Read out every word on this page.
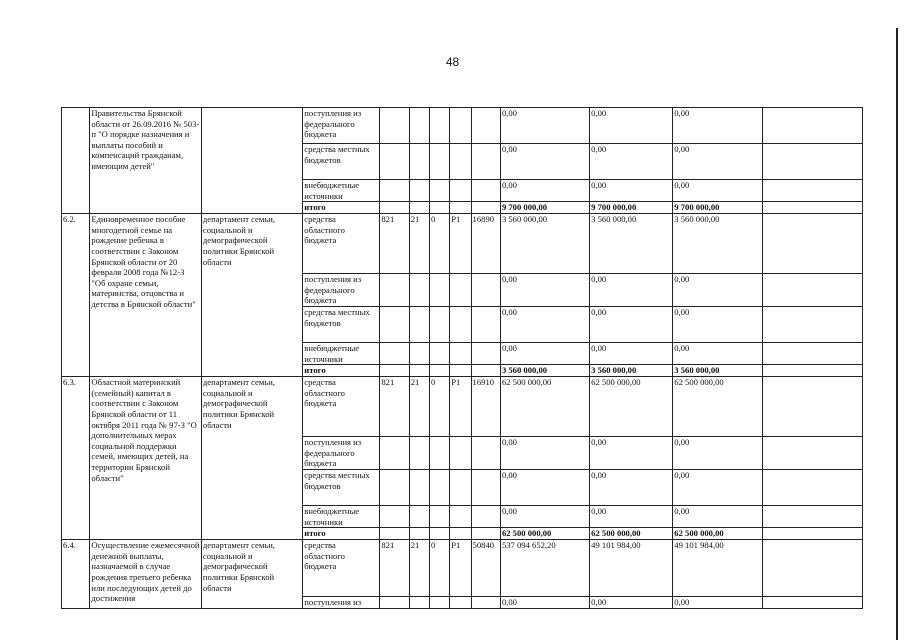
48
	Правительства Брянской области от 26.09.2016 № 503-п "О порядке назначения и выплаты пособий и компенсаций гражданам, имеющим детей"		поступления из федерального бюджета						0,00	0,00	0,00	
			средства местных бюджетов						0,00	0,00	0,00	
			внебюджетные источники						0,00	0,00	0,00	
			итого						9 700 000,00	9 700 000,00	9 700 000,00	
6.2.	Единовременное пособие многодетной семье на рождение ребенка в соответствии с Законом Брянской области от 20 февраля 2008 года №12-З "Об охране семьи, материнства, отцовства и детства в Брянской области"	департамент семьи, социальной и демографической политики Брянской области	средства областного бюджета	821	21	0	P1	16890	3 560 000,00	3 560 000,00	3 560 000,00	
			поступления из федерального бюджета						0,00	0,00	0,00	
			средства местных бюджетов						0,00	0,00	0,00	
			внебюджетные источники						0,00	0,00	0,00	
			итого						3 560 000,00	3 560 000,00	3 560 000,00	
6.3.	Областной материнский (семейный) капитал в соответствии с Законом Брянской области от 11 октября 2011 года № 97-З "О дополнительных мерах социальной поддержки семей, имеющих детей, на территории Брянской области"	департамент семьи, социальной и демографической политики Брянской области	средства областного бюджета	821	21	0	P1	16910	62 500 000,00	62 500 000,00	62 500 000,00	
			поступления из федерального бюджета						0,00	0,00	0,00	
			средства местных бюджетов						0,00	0,00	0,00	
			внебюджетные источники						0,00	0,00	0,00	
			итого						62 500 000,00	62 500 000,00	62 500 000,00	
6.4.	Осуществление ежемесячной денежной выплаты, назначаемой в случае рождения третьего ребенка или последующих детей до достижения	департамент семьи, социальной и демографической политики Брянской области	средства областного бюджета	821	21	0	P1	50840	537 094 652,20	49 101 984,00	49 101 984,00	
			поступления из						0,00	0,00	0,00	
